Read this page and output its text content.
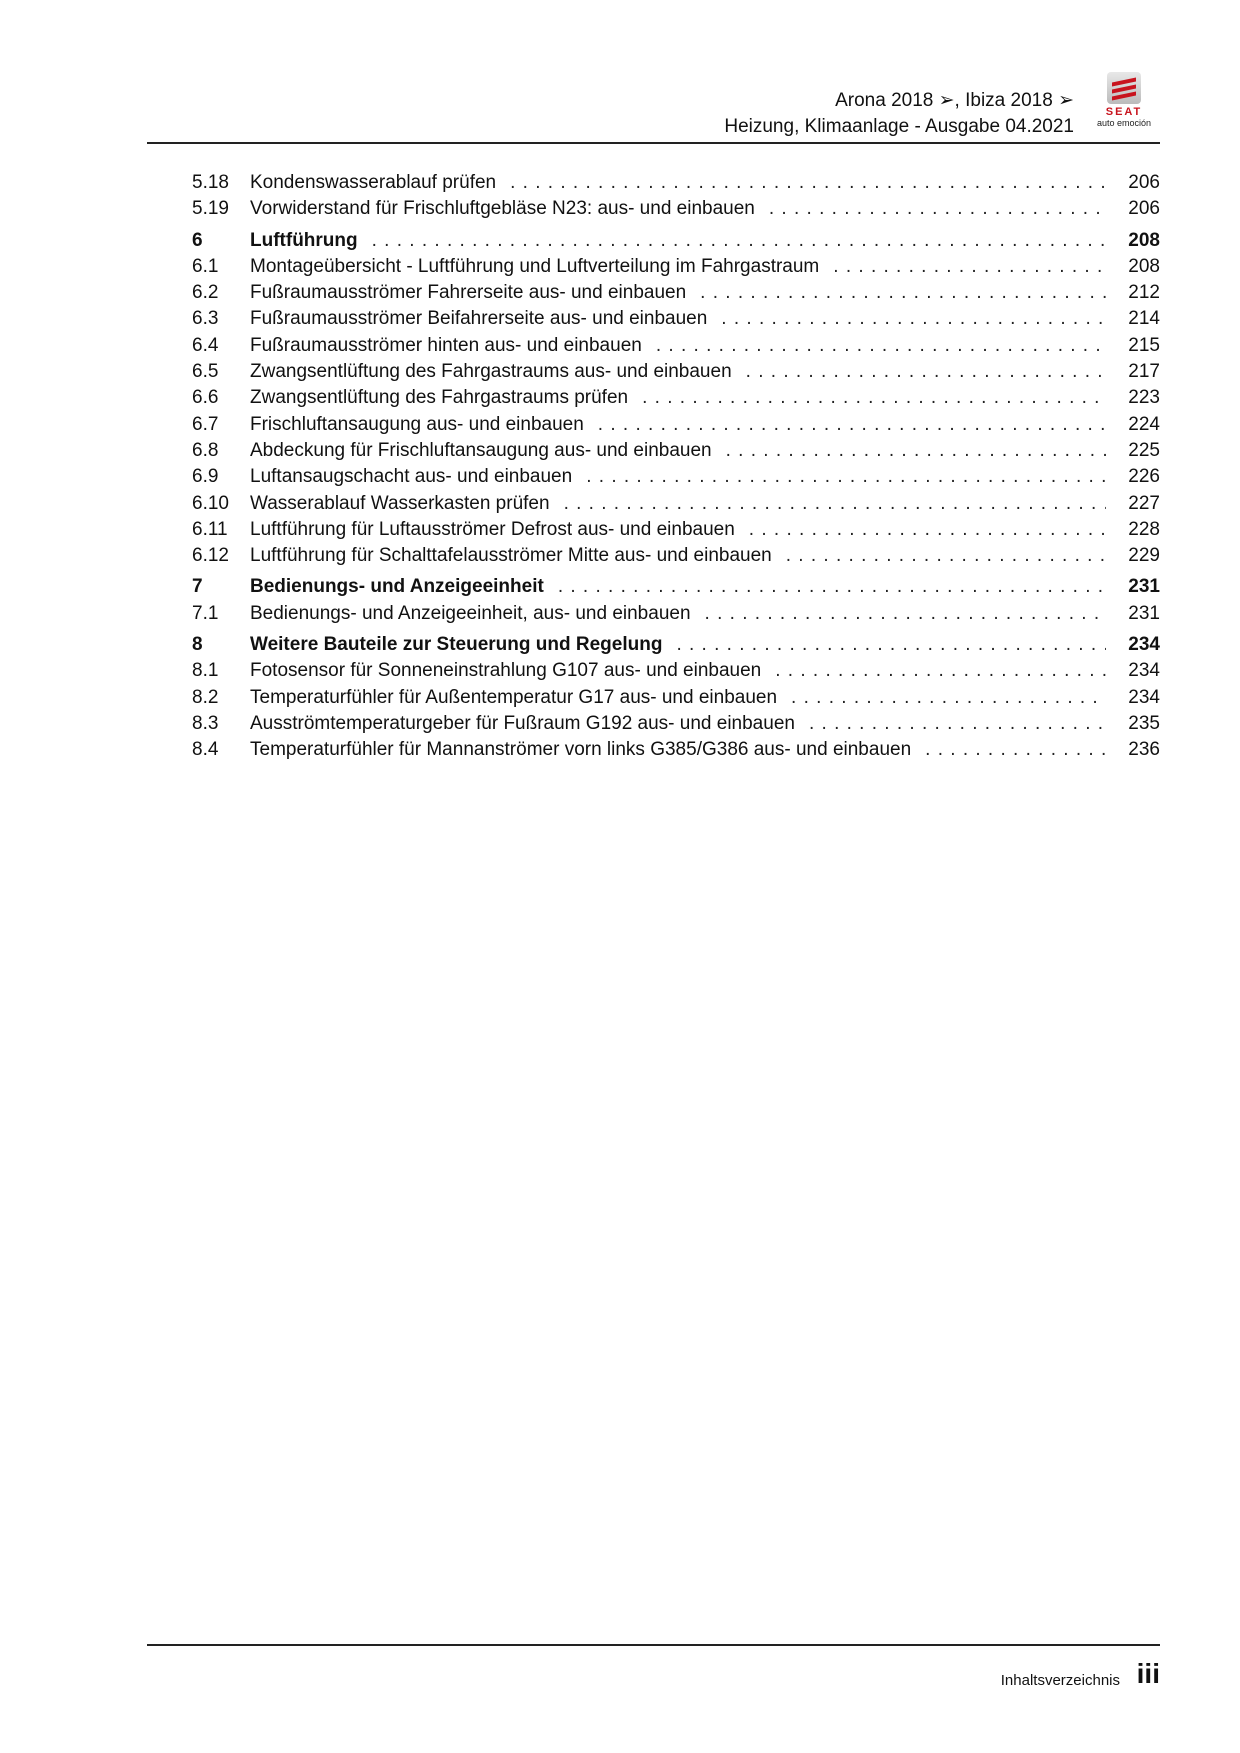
Arona 2018 ➢, Ibiza 2018 ➢
Heizung, Klimaanlage - Ausgabe 04.2021
SEAT
auto emoción
5.18	Kondenswasserablauf prüfen . . .	206
5.19	Vorwiderstand für Frischluftgebläse N23: aus- und einbauen . . .	206
6	Luftführung . . .	208
6.1	Montageübersicht - Luftführung und Luftverteilung im Fahrgastraum . . .	208
6.2	Fußraumausströmer Fahrerseite aus- und einbauen . . .	212
6.3	Fußraumausströmer Beifahrerseite aus- und einbauen . . .	214
6.4	Fußraumausströmer hinten aus- und einbauen . . .	215
6.5	Zwangsentlüftung des Fahrgastraums aus- und einbauen . . .	217
6.6	Zwangsentlüftung des Fahrgastraums prüfen . . .	223
6.7	Frischluftansaugung aus- und einbauen . . .	224
6.8	Abdeckung für Frischluftansaugung aus- und einbauen . . .	225
6.9	Luftansaugschacht aus- und einbauen . . .	226
6.10	Wasserablauf Wasserkasten prüfen . . .	227
6.11	Luftführung für Luftausströmer Defrost aus- und einbauen . . .	228
6.12	Luftführung für Schalttafelausströmer Mitte aus- und einbauen . . .	229
7	Bedienungs- und Anzeigeeinheit . . .	231
7.1	Bedienungs- und Anzeigeeinheit, aus- und einbauen . . .	231
8	Weitere Bauteile zur Steuerung und Regelung . . .	234
8.1	Fotosensor für Sonneneinstrahlung G107 aus- und einbauen . . .	234
8.2	Temperaturfühler für Außentemperatur G17 aus- und einbauen . . .	234
8.3	Ausströmtemperaturgeber für Fußraum G192 aus- und einbauen . . .	235
8.4	Temperaturfühler für Mannanströmer vorn links G385/G386 aus- und einbauen . . .	236
Inhaltsverzeichnis iii
